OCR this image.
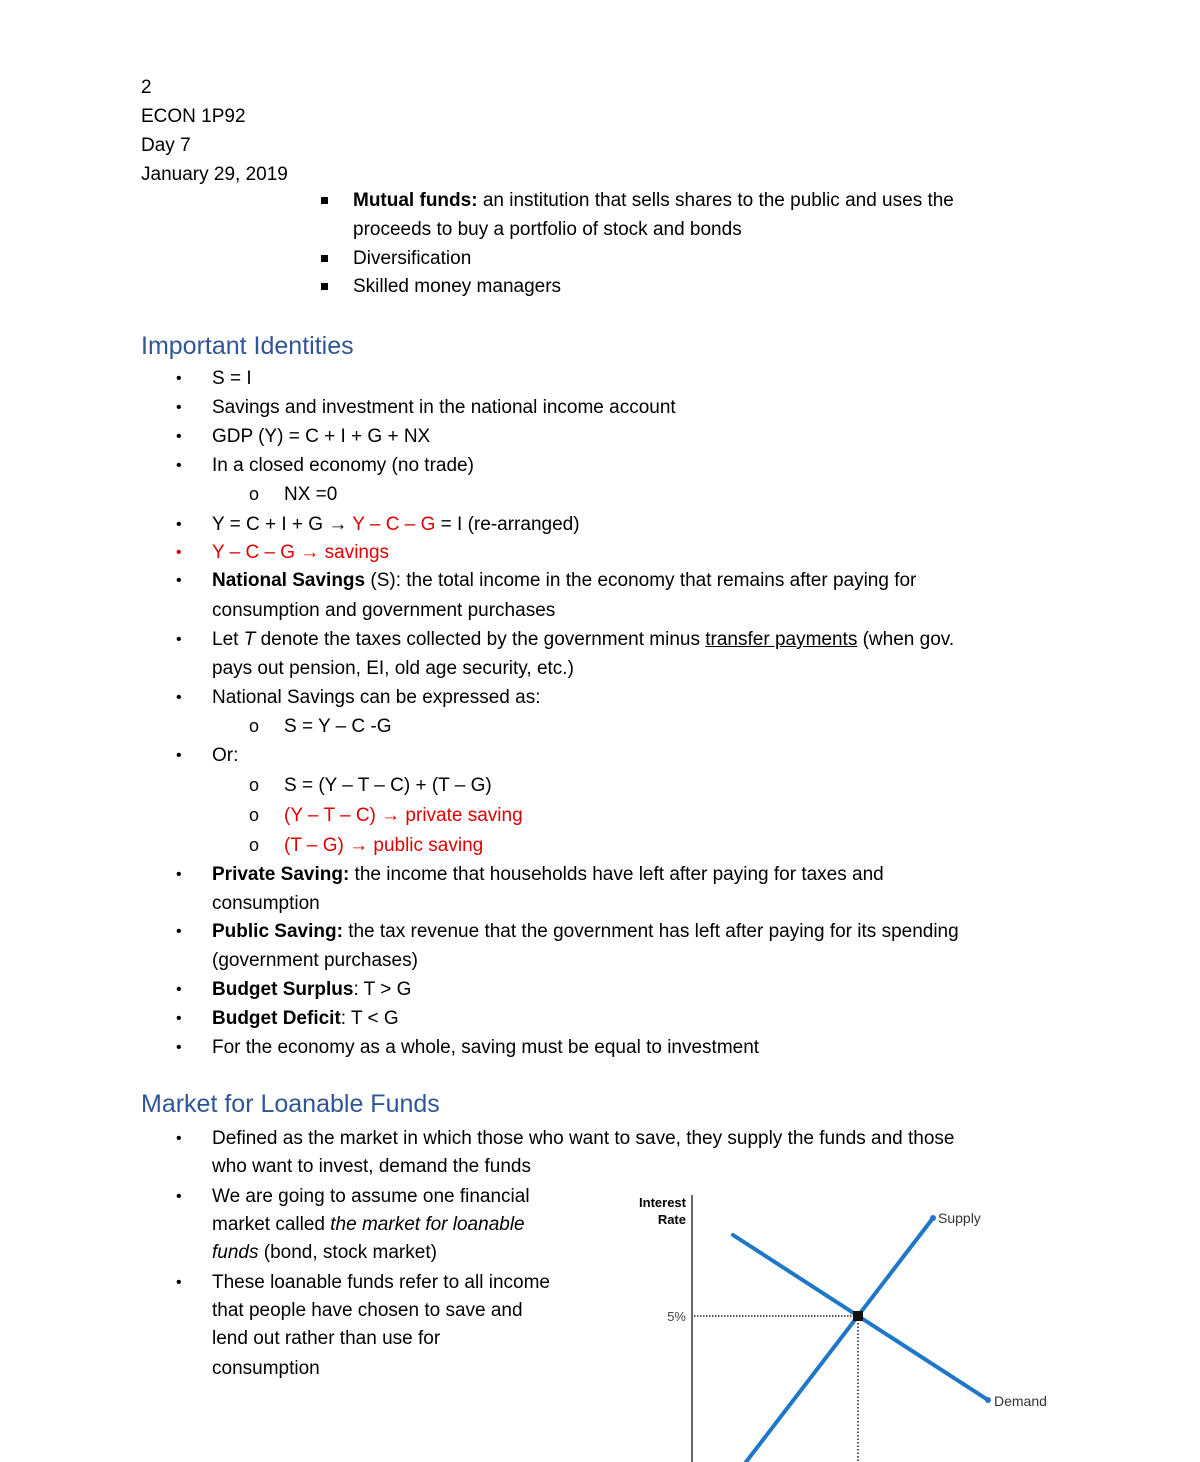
2
ECON 1P92
Day 7
January 29, 2019
Mutual funds: an institution that sells shares to the public and uses the
proceeds to buy a portfolio of stock and bonds
Diversification
Skilled money managers
Important Identities
• S = I
• Savings and investment in the national income account
• GDP (Y) = C + I + G + NX
• In a closed economy (no trade)
o NX =0
• Y = C + I + G → Y – C – G = I (re-arranged)
• Y – C – G → savings
• National Savings (S): the total income in the economy that remains after paying for
consumption and government purchases
• Let T denote the taxes collected by the government minus transfer payments (when gov.
pays out pension, EI, old age security, etc.)
• National Savings can be expressed as:
o S = Y – C -G
• Or:
o S = (Y – T – C) + (T – G)
o (Y – T – C) → private saving
o (T – G) → public saving
• Private Saving: the income that households have left after paying for taxes and
consumption
• Public Saving: the tax revenue that the government has left after paying for its spending
(government purchases)
• Budget Surplus: T > G
• Budget Deficit: T < G
• For the economy as a whole, saving must be equal to investment
Market for Loanable Funds
• Defined as the market in which those who want to save, they supply the funds and those
who want to invest, demand the funds
• We are going to assume one financial
market called the market for loanable
funds (bond, stock market)
• These loanable funds refer to all income
that people have chosen to save and
lend out rather than use for
consumption
Interest
Rate
5%
Supply
Demand
